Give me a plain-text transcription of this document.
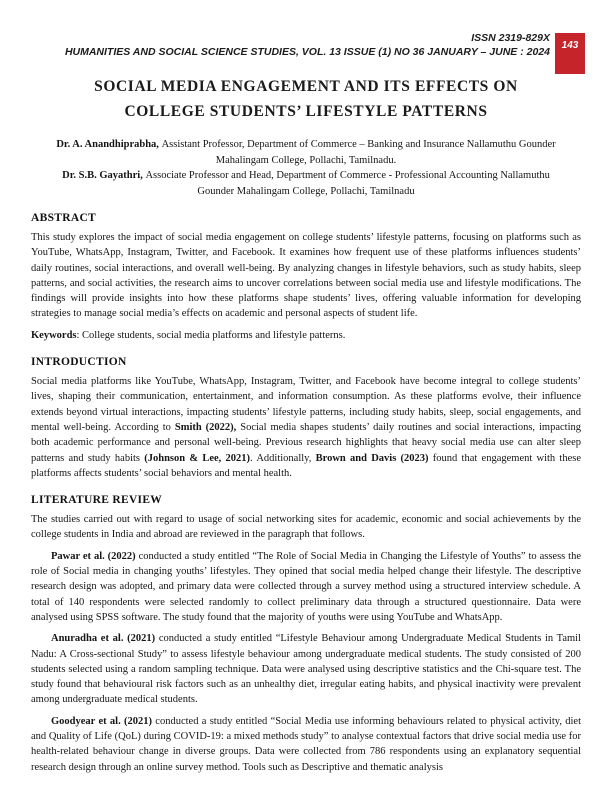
ISSN 2319-829X
HUMANITIES AND SOCIAL SCIENCE STUDIES, VOL. 13 ISSUE (1) NO 36 JANUARY – JUNE : 2024
143
SOCIAL MEDIA ENGAGEMENT AND ITS EFFECTS ON COLLEGE STUDENTS’ LIFESTYLE PATTERNS

Dr. A. Anandhiprabha, Assistant Professor, Department of Commerce – Banking and Insurance Nallamuthu Gounder Mahalingam College, Pollachi, Tamilnadu.

Dr. S.B. Gayathri, Associate Professor and Head, Department of Commerce - Professional Accounting Nallamuthu Gounder Mahalingam College, Pollachi, Tamilnadu

ABSTRACT

This study explores the impact of social media engagement on college students’ lifestyle patterns, focusing on platforms such as YouTube, WhatsApp, Instagram, Twitter, and Facebook. It examines how frequent use of these platforms influences students’ daily routines, social interactions, and overall well-being. By analyzing changes in lifestyle behaviors, such as study habits, sleep patterns, and social activities, the research aims to uncover correlations between social media use and lifestyle modifications. The findings will provide insights into how these platforms shape students’ lives, offering valuable information for developing strategies to manage social media’s effects on academic and personal aspects of student life.

Keywords: College students, social media platforms and lifestyle patterns.

INTRODUCTION

Social media platforms like YouTube, WhatsApp, Instagram, Twitter, and Facebook have become integral to college students’ lives, shaping their communication, entertainment, and information consumption. As these platforms evolve, their influence extends beyond virtual interactions, impacting students’ lifestyle patterns, including study habits, sleep, social engagements, and mental well-being. According to Smith (2022), Social media shapes students’ daily routines and social interactions, impacting both academic performance and personal well-being. Previous research highlights that heavy social media use can alter sleep patterns and study habits (Johnson & Lee, 2021). Additionally, Brown and Davis (2023) found that engagement with these platforms affects students’ social behaviors and mental health.

LITERATURE REVIEW

The studies carried out with regard to usage of social networking sites for academic, economic and social achievements by the college students in India and abroad are reviewed in the paragraph that follows.

Pawar et al. (2022) conducted a study entitled “The Role of Social Media in Changing the Lifestyle of Youths” to assess the role of Social media in changing youths’ lifestyles. They opined that social media helped change their lifestyle. The descriptive research design was adopted, and primary data were collected through a survey method using a structured interview schedule. A total of 140 respondents were selected randomly to collect preliminary data through a structured questionnaire. Data were analysed using SPSS software. The study found that the majority of youths were using YouTube and WhatsApp.

Anuradha et al. (2021) conducted a study entitled “Lifestyle Behaviour among Undergraduate Medical Students in Tamil Nadu: A Cross-sectional Study” to assess lifestyle behaviour among undergraduate medical students. The study consisted of 200 students selected using a random sampling technique. Data were analysed using descriptive statistics and the Chi-square test. The study found that behavioural risk factors such as an unhealthy diet, irregular eating habits, and physical inactivity were prevalent among undergraduate medical students.

Goodyear et al. (2021) conducted a study entitled “Social Media use informing behaviours related to physical activity, diet and Quality of Life (QoL) during COVID-19: a mixed methods study” to analyse contextual factors that drive social media use for health-related behaviour change in diverse groups. Data were collected from 786 respondents using an explanatory sequential research design through an online survey method. Tools such as Descriptive and thematic analysis
